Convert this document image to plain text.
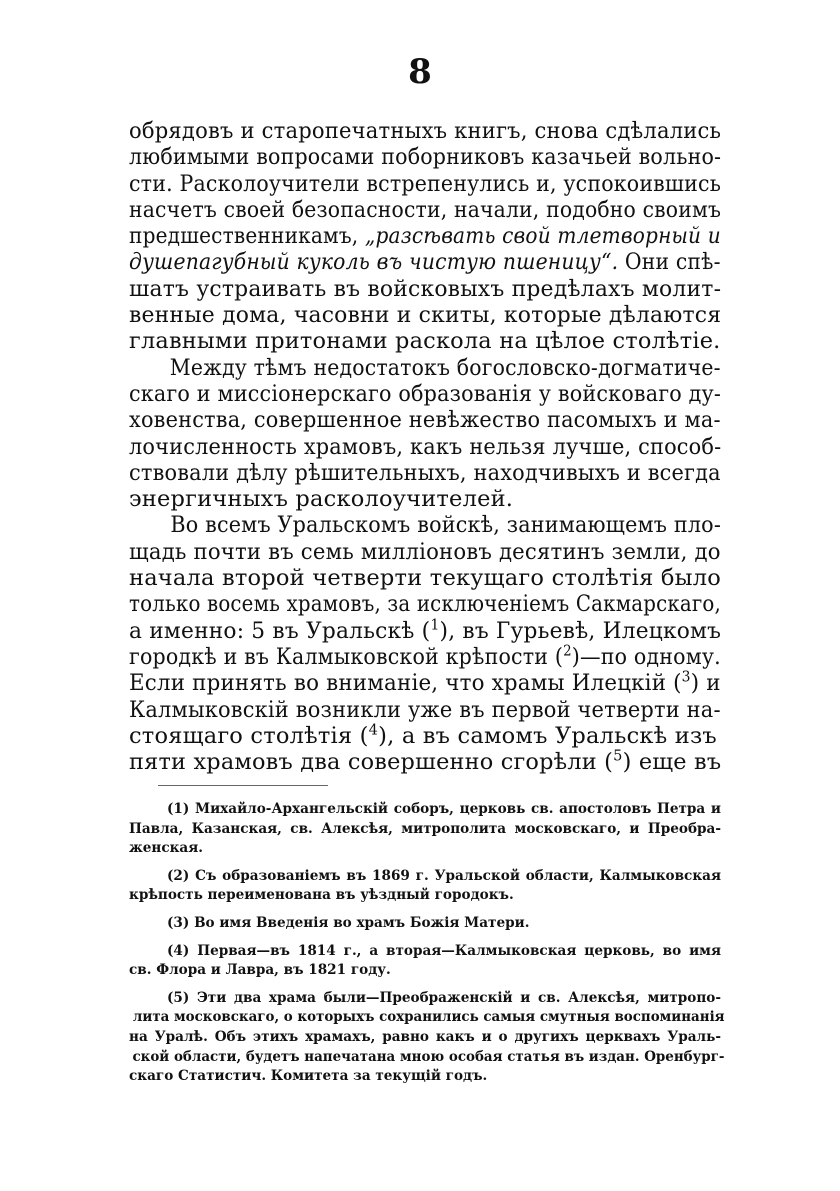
8
обрядовъ и старопечатныхъ книгъ, снова сдѣлались
любимыми вопросами поборниковъ казачьей вольно-
сти. Расколоучители встрепенулись и, успокоившись
насчетъ своей безопасности, начали, подобно своимъ
предшественникамъ, „разсѣвать свой тлетворный и
душепагубный куколь въ чистую пшеницу“. Они спѣ-
шатъ устраивать въ войсковыхъ предѣлахъ молит-
венные дома, часовни и скиты, которые дѣлаются
главными притонами раскола на цѣлое столѣтіе.
Между тѣмъ недостатокъ богословско-догматиче-
скаго и миссіонерскаго образованія у войсковаго ду-
ховенства, совершенное невѣжество пасомыхъ и ма-
лочисленность храмовъ, какъ нельзя лучше, способ-
ствовали дѣлу рѣшительныхъ, находчивыхъ и всегда
энергичныхъ расколоучителей.
Во всемъ Уральскомъ войскѣ, занимающемъ пло-
щадь почти въ семь милліоновъ десятинъ земли, до
начала второй четверти текущаго столѣтія было
только восемь храмовъ, за исключеніемъ Сакмарскаго,
а именно: 5 въ Уральскѣ ($^1$), въ Гурьевѣ, Илецкомъ
городкѣ и въ Калмыковской крѣпости ($^2$)—по одному.
Если принять во вниманіе, что храмы Илецкій ($^3$) и
Калмыковскій возникли уже въ первой четверти на-
стоящаго столѣтія ($^4$), а въ самомъ Уральскѣ изъ
пяти храмовъ два совершенно сгорѣли ($^5$) еще въ
(1) Михайло-Архангельскій соборъ, церковь св. апостоловъ Петра и
Павла, Казанская, св. Алексѣя, митрополита московскаго, и Преобра-
женская.
(2) Съ образованіемъ въ 1869 г. Уральской области, Калмыковская
крѣпость переименована въ уѣздный городокъ.
(3) Во имя Введенія во храмъ Божія Матери.
(4) Первая—въ 1814 г., а вторая—Калмыковская церковь, во имя
св. Флора и Лавра, въ 1821 году.
(5) Эти два храма были—Преображенскій и св. Алексѣя, митропо-
лита московскаго, о которыхъ сохранились самыя смутныя воспоминанія
на Уралѣ. Объ этихъ храмахъ, равно какъ и о другихъ церквахъ Ураль-
ской области, будетъ напечатана мною особая статья въ издан. Оренбург-
скаго Статистич. Комитета за текущій годъ.
